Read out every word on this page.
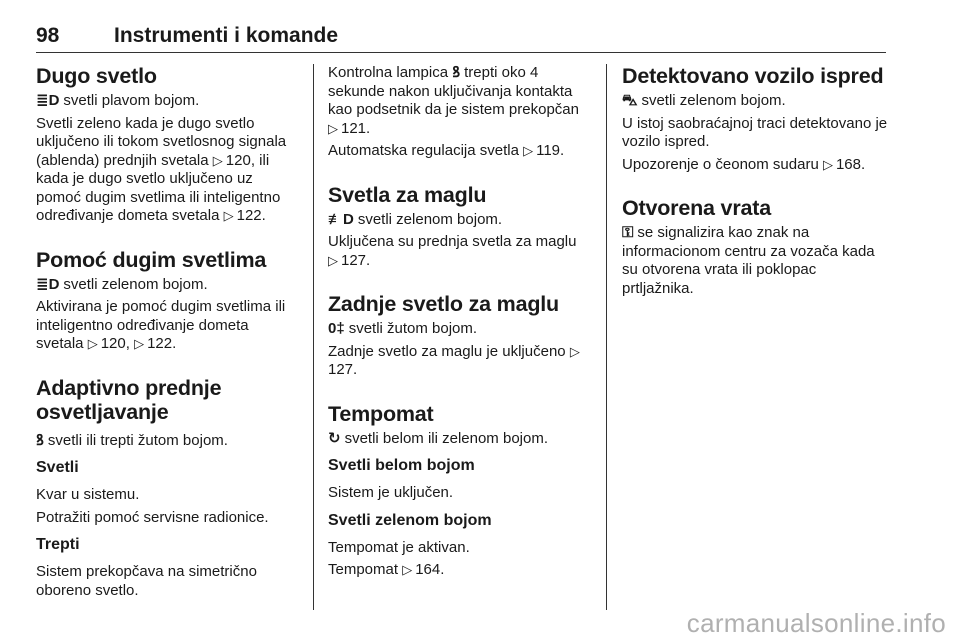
98	Instrumenti i komande
Dugo svetlo

≣D svetli plavom bojom.

Svetli zeleno kada je dugo svetlo uključeno ili tokom svetlosnog signala (ablenda) prednjih svetala ▷ 120, ili kada je dugo svetlo uključeno uz pomoć dugim svetlima ili inteligentno određivanje dometa svetala ▷ 122.

Pomoć dugim svetlima

≣D svetli zelenom bojom.

Aktivirana je pomoć dugim svetlima ili inteligentno određivanje dometa svetala ▷ 120, ▷ 122.

Adaptivno prednje
osvetljavanje

ꝸ svetli ili trepti žutom bojom.

Svetli

Kvar u sistemu.

Potražiti pomoć servisne radionice.

Trepti

Sistem prekopčava na simetrično oboreno svetlo.

Kontrolna lampica ꝸ trepti oko 4 sekunde nakon uključivanja kontakta kao podsetnik da je sistem prekopčan ▷ 121.

Automatska regulacija svetla ▷ 119.

Svetla za maglu

≢D svetli zelenom bojom.

Uključena su prednja svetla za maglu ▷ 127.

Zadnje svetlo za maglu

0‡ svetli žutom bojom.

Zadnje svetlo za maglu je uključeno ▷127.

Tempomat

↻ svetli belom ili zelenom bojom.

Svetli belom bojom

Sistem je uključen.

Svetli zelenom bojom

Tempomat je aktivan.

Tempomat ▷ 164.

Detektovano vozilo ispred

⛍ svetli zelenom bojom.

U istoj saobraćajnoj traci detektovano je vozilo ispred.

Upozorenje o čeonom sudaru ▷ 168.

Otvorena vrata

⚿ se signalizira kao znak na informacionom centru za vozača kada su otvorena vrata ili poklopac prtljažnika.

carmanualsonline.info
